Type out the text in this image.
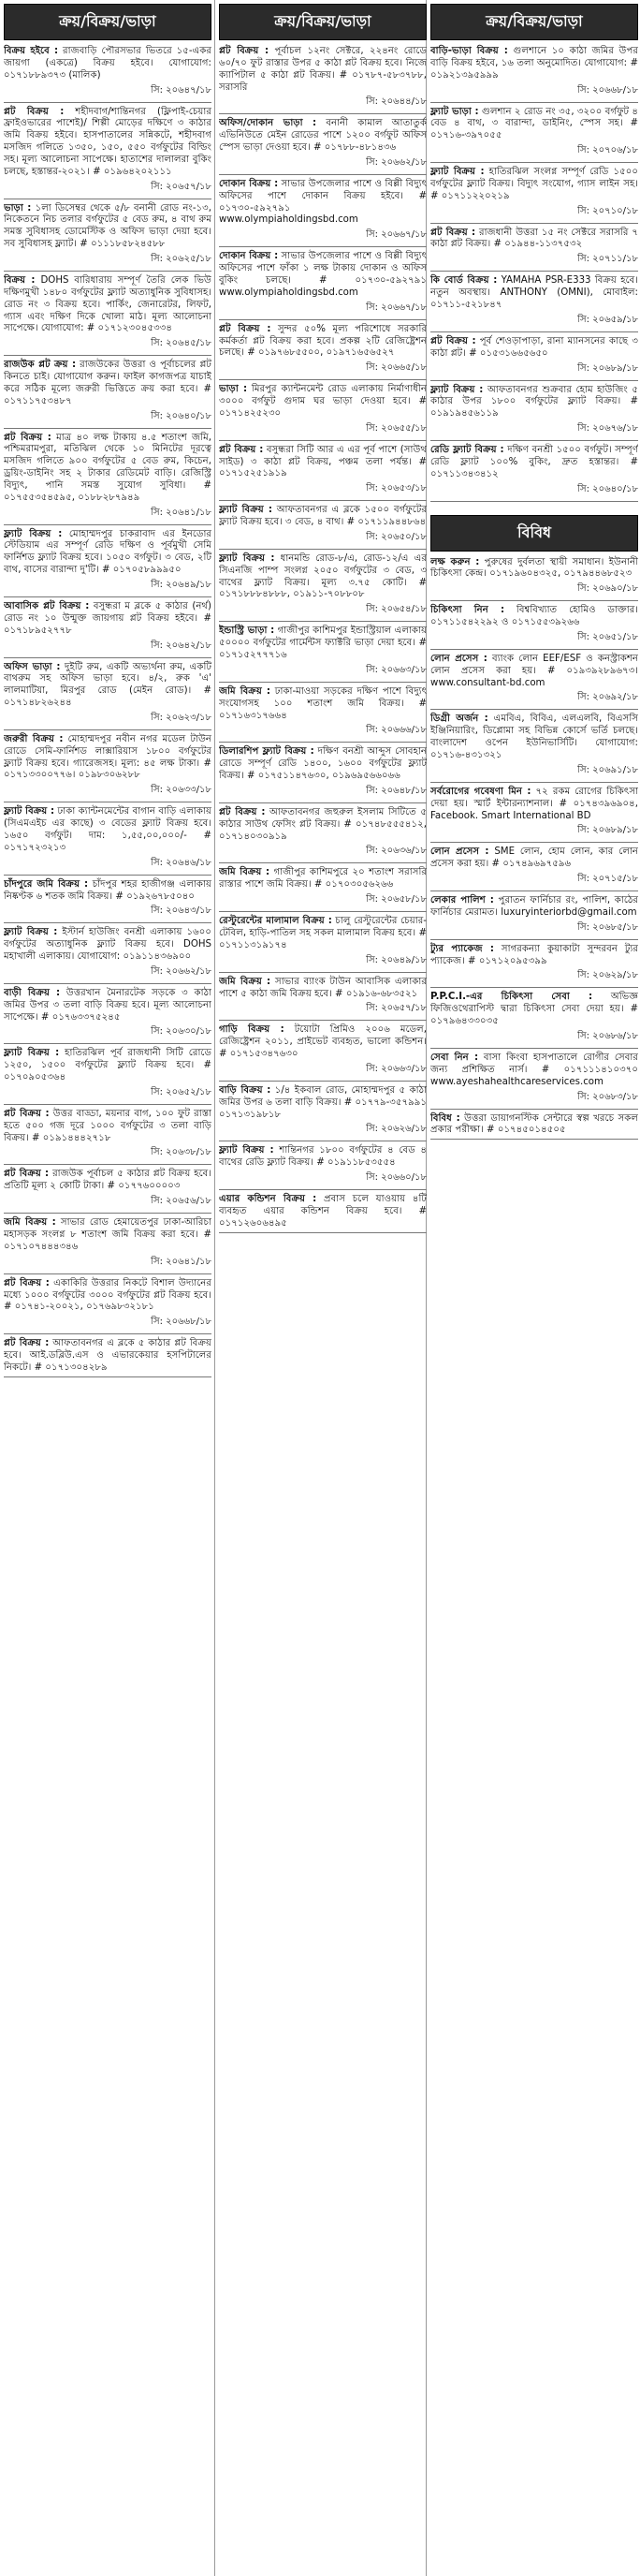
ক্রয়/বিক্রয়/ভাড়া

বিক্রয় হইবে : রাজবাড়ি পৌরসভার ভিতরে ১৫-একর জায়গা (একত্রে) বিক্রয় হইবে। যোগাযোগ: ০১৭১৮৮৯৩৭৩ (মালিক)

সি: ২০৬৪৭/১৮

প্লট বিক্রয় : শহীদবাগ/শান্তিনগর (ফ্লিপাই-চেয়ার ফ্রাইওভারের পাশেই)/ শিল্পী মোড়ের দক্ষিণে ৩ কাঠার জমি বিক্রয় হইবে। হাসপাতালের সন্নিকটে, শহীদবাগ মসজিদ গলিতে ১৩৫০, ১৫০, ৫৫০ বর্গফুটের বিল্ডিং সহ। মূল্য আলোচনা সাপেক্ষে। হাতাশের দালালরা বুকিং চলছে, হস্তান্তর-২০২১। # ০১৯৬৪২০২১১১

সি: ২০৬৫৭/১৮

ভাড়া : ১লা ডিসেম্বর থেকে ৫/৮ বনানী রোড নং-১৩, নিকেতনে নিচ তলার বর্গফুটের ৫ বেড রুম, ৪ বাথ রুম সমস্ত সুবিধাসহ ডোমেস্টিক ও অফিস ভাড়া দেয়া হবে। সব সুবিধাসহ ফ্ল্যাট। # ০১১১৮৫৮২৪৫৮৮

সি: ২০৬২৫/১৮

বিক্রয় : DOHS বারিধারায় সম্পূর্ণ তৈরি লেক ভিউ দক্ষিণমুখী ১৪৮০ বর্গফুটের ফ্ল্যাট অত্যাধুনিক সুবিধাসহ। রোড নং ৩ বিক্রয় হবে। পার্কিং, জেনারেটর, লিফট, গ্যাস এবং দক্ষিণ দিকে খোলা মাঠ। মূল্য আলোচনা সাপেক্ষে। যোগাযোগ: # ০১৭১২৩০৪৫৩৩৪

সি: ২০৬৪৫/১৮

রাজউক প্লট ক্রয় : রাজউকের উত্তরা ও পূর্বাচলের প্লট কিনতে চাই। যোগাযোগ করুন। ফাইল কাগজপত্র যাচাই করে সঠিক মূল্যে জরুরী ভিত্তিতে ক্রয় করা হবে। # ০১৭১১৭৫৩৪৮৭

সি: ২০৬৪০/১৮

প্লট বিক্রয় : মাত্র ৪০ লক্ষ টাকায় ৪.৫ শতাংশ জমি, পশ্চিমরামপুরা, মতিঝিল থেকে ১০ মিনিটের দূরত্বে মসজিদ গলিতে ৯০০ বর্গফুটের ৫ বেড রুম, কিচেন, ড্রয়িং-ডাইনিং সহ ২ টাকার রেডিমেট বাড়ি। রেজিস্ট্রি বিদ্যুৎ, পানি সমস্ত সুযোগ সুবিধা। # ০১৭৫৫৩৫৪৫৯৫, ০১৮৮২৮৭৯৪৯

সি: ২০৬৪১/১৮

ফ্ল্যাট বিক্রয় : মোহাম্মদপুর চাকরাবাদ এর ইনডোর স্টেডিয়াম এর সম্পূর্ণ রেডি দক্ষিণ ও পূর্বমুখী সেমি ফার্নিশড ফ্ল্যাট বিক্রয় হবে। ১০৫০ বর্গফুট। ৩ বেড, ২টি বাথ, বাসের বারান্দা দু'টি। # ০১৭০৫৮৯৯৯৫০

সি: ২০৬৪৯/১৮

আবাসিক প্লট বিক্রয় : বসুন্ধরা ম ব্লকে ৫ কাঠার (নর্থ) রোড নং ১০ উন্মুক্ত জায়গায় প্লট বিক্রয় হইবে। # ০১৭১৮৯৫২৭৭৮

সি: ২০৬৪২/১৮

অফিস ভাড়া : দুইটি রুম, একটি অভ্যর্থনা রুম, একটি বাথরুম সহ অফিস ভাড়া হবে। ৪/২, রুক 'এ' লালমাটিয়া, মিরপুর রোড (মেইন রোড)। # ০১৭১৪৮২৬২৪৪

সি: ২০৬২৩/১৮

জরুরী বিক্রয় : মোহাম্মদপুর নবীন নগর মডেল টাউন রোডে সেমি-ফার্নিশড লাক্সারিয়াস ১৮০০ বর্গফুটের ফ্ল্যাট বিক্রয় হবে। গ্যারেজসহ। মূল্য: ৪৫ লক্ষ টাকা। # ০১৭১৩৩০০৭৭৬। ০১৯৮৩০৬২৮৮

সি: ২০৬৩৩/১৮

ফ্ল্যাট বিক্রয় : ঢাকা ক্যান্টনমেন্টের বাগান বাড়ি এলাকায় (সিএমএইচ এর কাছে) ৩ বেডের ফ্ল্যাট বিক্রয় হবে। ১৬৫০ বর্গফুট। দাম: ১,৫৫,০০,০০০/- # ০১৭১৭২৩২১৩

সি: ২০৬৪৬/১৮

চাঁদপুরে জমি বিক্রয় : চাঁদপুর শহর হাজীগঞ্জ এলাকায় নিষ্কণ্টক ৬ শতক জমি বিক্রয়। # ০১৯২৬৭৮৫০৪০

সি: ২০৬৪৩/১৮

ফ্ল্যাট বিক্রয় : ইস্টার্ন হাউজিং বনশ্রী এলাকায় ১৬০০ বর্গফুটের অত্যাধুনিক ফ্ল্যাট বিক্রয় হবে। DOHS মহাখালী এলাকায়। যোগাযোগ: ০১৯১১৪৩৬৯০০

সি: ২০৬৬২/১৮

বাড়ী বিক্রয় : উত্তরখান মৈনারটেক সড়কে ৩ কাঠা জমির উপর ৩ তলা বাড়ি বিক্রয় হবে। মূল্য আলোচনা সাপেক্ষে। # ০১৭৬৩৩৭৫২৪৫

সি: ২০৬৩০/১৮

ফ্ল্যাট বিক্রয় : হাতিরঝিল পূর্ব রাজধানী সিটি রোডে ১২৫০, ১৫০০ বর্গফুটের ফ্ল্যাট বিক্রয় হবে। # ০১৭০৯০৫৩৬৪

সি: ২০৬৫২/১৮

প্লট বিক্রয় : উত্তর বাড্ডা, ময়নার বাগ, ১০০ ফুট রাস্তা হতে ৫০০ গজ দূরে ১০০০ বর্গফুটের ৩ তলা বাড়ি বিক্রয়। # ০১৯১৪৪৪২৭১৮

সি: ২০৬৩৮/১৮

প্লট বিক্রয় : রাজউক পূর্বাচল ৫ কাঠার প্লট বিক্রয় হবে। প্রতিটি মূল্য ২ কোটি টাকা। # ০১৭৭৬০০০০৩

সি: ২০৬৫৬/১৮

জমি বিক্রয় : সাভার রোড হেমায়েতপুর ঢাকা-আরিচা মহাসড়ক সংলগ্ন ৮ শতাংশ জমি বিক্রয় করা হবে। # ০১৭১০৭৪৪৪৩৪৬

সি: ২০৬৪১/১৮

প্লট বিক্রয় : একাকিরি উত্তরার নিকটে বিশাল উদ্যানের মধ্যে ১০০০ বর্গফুটের ৩০০০ বর্গফুটের প্লট বিক্রয় হবে। # ০১৭৪১-২০০২১, ০১৭৬৯৮৩২১৮১

সি: ২০৬৬৮/১৮

প্লট বিক্রয় : আফতাবনগর এ ব্লকে ৫ কাঠার প্লট বিক্রয় হবে। আই.ডব্লিউ.এস ও এভারকেয়ার হসপিটালের নিকটে। # ০১৭১৩০৪২৮৯

ক্রয়/বিক্রয়/ভাড়া

প্লট বিক্রয় : পূর্বাচল ১২নং সেক্টরে, ২২৪নং রোডে ৬০/৭০ ফুট রাস্তার উপর ৫ কাঠা প্লট বিক্রয় হবে। নিজে ক্যাপিটাল ৫ কাঠা প্লট বিক্রয়। # ০১৭৮৭-৫৮৩৭৮৮, সরাসরি

সি: ২০৬৪৪/১৮

অফিস/দোকান ভাড়া : বনানী কামাল আতাতুর্ক এভিনিউতে মেইন রোডের পাশে ১২০০ বর্গফুট অফিস স্পেস ভাড়া দেওয়া হবে। # ০১৭৮৮-৪৮১৪৩৬

সি: ২০৬৬২/১৮

দোকান বিক্রয় : সাভার উপজেলার পাশে ও বিল্লী বিদ্যুৎ অফিসের পাশে দোকান বিক্রয় হইবে। # ০১৭৩০-৫৯২৭৯১ www.olympiaholdingsbd.com

সি: ২০৬৬৭/১৮

দোকান বিক্রয় : সাভার উপজেলার পাশে ও বিল্লী বিদ্যুৎ অফিসের পাশে ফাঁকা ১ লক্ষ টাকায় দোকান ও অফিস বুকিং চলছে। # ০১৭৩০-৫৯২৭৯১ www.olympiaholdingsbd.com

সি: ২০৬৬৭/১৮

প্লট বিক্রয় : সুন্দর ৫০% মূল্য পরিশোধে সরকারি কর্মকর্তা প্লট বিক্রয় করা হবে। প্রকল্প ২টি রেজিষ্ট্রেশন চলছে। # ০১৯৭৬৮৫৫০০, ০১৯৭১৬৫৬৫২৭

সি: ২০৬৬৫/১৮

ভাড়া : মিরপুর ক্যান্টনমেন্ট রোড এলাকায় নির্মাণাধীন ৩০০০ বর্গফুট গুদাম ঘর ভাড়া দেওয়া হবে। # ০১৭১৪২৫২৩০

সি: ২০৬৫৫/১৮

প্লট বিক্রয় : বসুন্ধরা সিটি আর এ এর পূর্ব পাশে (সাউথ সাইড) ৩ কাঠা প্লট বিক্রয়, পঞ্চম তলা পর্যন্ত। # ০১৭১৫২৫১৯১৯

সি: ২০৬৫৩/১৮

ফ্ল্যাট বিক্রয় : আফতাবনগর এ ব্লকে ১৫০০ বর্গফুটের ফ্ল্যাট বিক্রয় হবে। ৩ বেড, ৪ বাথ। # ০১৭১১৯৪৪৮৬৪

সি: ২০৬৫০/১৮

ফ্ল্যাট বিক্রয় : ধানমন্ডি রোড-৮/এ, রোড-১২/এ এর সিএনজি পাম্প সংলগ্ন ২০৫০ বর্গফুটের ৩ বেড, ৩ বাথের ফ্ল্যাট বিক্রয়। মূল্য ৩.৭৫ কোটি। # ০১৭১৮৮৮৪৮৮৮, ০১৯১১-৭০৮৮০৮

সি: ২০৬৫৪/১৮

ইন্ডাস্ট্রি ভাড়া : গাজীপুর কাশিমপুর ইন্ডাস্ট্রিয়াল এলাকায় ৫০০০০ বর্গফুটের গার্মেন্টস ফ্যাক্টরি ভাড়া দেয়া হবে। # ০১৭১৫২৭৭৭১৬

সি: ২০৬৬৩/১৮

জমি বিক্রয় : ঢাকা-মাওয়া সড়কের দক্ষিণ পাশে বিদ্যুৎ সংযোগসহ ১০০ শতাংশ জমি বিক্রয়। # ০১৭১৬৩১৭৬৬৪

সি: ২০৬৬৬/১৮

ডিলারশিপ ফ্ল্যাট বিক্রয় : দক্ষিণ বনশ্রী আব্দুস সোবহান রোডে সম্পূর্ণ রেডি ১৪০০, ১৬০০ বর্গফুটের ফ্ল্যাট বিক্রয়। # ০১৭৫১১৪৭৬৩০, ০১৯৬৯৫৬৬০৬৬

সি: ২০৬৪৮/১৮

প্লট বিক্রয় : আফতাবনগর জহুরুল ইসলাম সিটিতে ৫ কাঠার সাউথ ফেসিং প্লট বিক্রয়। # ০১৭৪৮৫৫৫৪১২, ০১৭১৪০৩০৯১৯

সি: ২০৬৩৬/১৮

জমি বিক্রয় : গাজীপুর কাশিমপুরে ২০ শতাংশ সরাসরি রাস্তার পাশে জমি বিক্রয়। # ০১৭০৩০৫৬২৬৬

সি: ২০৬৫৮/১৮

রেস্টুরেন্টের মালামাল বিক্রয় : চালু রেস্টুরেন্টের চেয়ার-টেবিল, হাড়ি-পাতিল সহ সকল মালামাল বিক্রয় হবে। # ০১৭১১৩১৯১৭৪

সি: ২০৬৪৯/১৮

জমি বিক্রয় : সাভার ব্যাংক টাউন আবাসিক এলাকার পাশে ৫ কাঠা জমি বিক্রয় হবে। # ০১৯১৬-৬৮৩৫২১

সি: ২০৬৫৭/১৮

গাড়ি বিক্রয় : টয়োটা প্রিমিও ২০০৬ মডেল, রেজিষ্ট্রেশন ২০১১, প্রাইভেট ব্যবহৃত, ভালো কন্ডিশন। # ০১৭১৫৩৪৭৬৩০

সি: ২০৬৬৩/১৮

বাড়ি বিক্রয় : ১/৪ ইকবাল রোড, মোহাম্মদপুর ৫ কাঠা জমির উপর ৬ তলা বাড়ি বিক্রয়। # ০১৭৭৯-৩৫৭৯৯১ ০১৭১৩১৯৮১৮

সি: ২০৬২৬/১৮

ফ্ল্যাট বিক্রয় : শান্তিনগর ১৮০০ বর্গফুটের ৪ বেড ৪ বাথের রেডি ফ্ল্যাট বিক্রয়। # ০১৯১১৮৫৩৫৫৪

সি: ২০৬৬০/১৮

এয়ার কন্ডিশন বিক্রয় : প্রবাস চলে যাওয়ায় ৪টি ব্যবহৃত এয়ার কন্ডিশন বিক্রয় হবে। # ০১৭১২৬০৬৪৯৫

ক্রয়/বিক্রয়/ভাড়া

বাড়ি-ভাড়া বিক্রয় : গুলশানে ১০ কাঠা জমির উপর বাড়ি বিক্রয় হইবে, ১৬ তলা অনুমোদিত। যোগাযোগ: # ০১৯২১৩৯৫৯৯৯

সি: ২০৬৬৮/১৮

ফ্ল্যাট ভাড়া : গুলশান ২ রোড নং ৩৫, ৩২০০ বর্গফুট ৪ বেড ৪ বাথ, ৩ বারান্দা, ডাইনিং, স্পেস সহ। # ০১৭১৬-৩৯৭০৫৫

সি: ২০৭০৬/১৮

ফ্ল্যাট বিক্রয় : হাতিরঝিল সংলগ্ন সম্পূর্ণ রেডি ১৫০০ বর্গফুটের ফ্ল্যাট বিক্রয়। বিদ্যুৎ সংযোগ, গ্যাস লাইন সহ। # ০১৭১১২২০২১৯

সি: ২০৭১০/১৮

প্লট বিক্রয় : রাজধানী উত্তরা ১৫ নং সেক্টরে সরাসরি ৭ কাঠা প্লট বিক্রয়। # ০১৯৪৪-১১৩৭৫৩২

সি: ২০৭১১/১৮

কি বোর্ড বিক্রয় : YAMAHA PSR-E333 বিক্রয় হবে। নতুন অবস্থায়। ANTHONY (OMNI), মোবাইল: ০১৭১১-৫২১৮৪৭

সি: ২০৬৫৯/১৮

প্লট বিক্রয় : পূর্ব শেওড়াপাড়া, রানা ম্যানসনের কাছে ৩ কাঠা প্লট। # ০১৫৩১৬৬৫৬৫০

সি: ২০৬৮৯/১৮

ফ্ল্যাট বিক্রয় : আফতাবনগর শুক্রবার হোম হাউজিং ৫ কাঠার উপর ১৮০০ বর্গফুটের ফ্ল্যাট বিক্রয়। # ০১৯১৯৪৫৬১১৯

সি: ২০৬৭৬/১৮

রেডি ফ্ল্যাট বিক্রয় : দক্ষিণ বনশ্রী ১৫০০ বর্গফুট। সম্পূর্ণ রেডি ফ্ল্যাট ১০০% বুকিং, দ্রুত হস্তান্তর। # ০১৭১১৩৪৩৪১২

সি: ২০৬৪০/১৮
বিবিধ

লক্ষ করুন : পুরুষের দুর্বলতা স্থায়ী সমাধান। ইউনানী চিকিৎসা কেন্দ্র। ০১৭১৯৬০৪৩২৫, ০১৭৯৪৪৬৮৫২৩

সি: ২০৬৯০/১৮

চিকিৎসা নিন : বিশ্ববিখ্যাত হোমিও ডাক্তার। ০১৭১১৫৪২২৯২ ও ০১৭১৫৫৩৯২৬৬

সি: ২০৬৫১/১৮

লোন প্রসেস : ব্যাংক লোন EEF/ESF ও কনস্ট্রাকশন লোন প্রসেস করা হয়। # ০১৯৩৯২৮৯৬৭৩। www.consultant-bd.com

সি: ২০৬৯২/১৮

ডিগ্রী অর্জন : এমবিএ, বিবিএ, এলএলবি, বিএসসি ইঞ্জিনিয়ারিং, ডিপ্লোমা সহ বিভিন্ন কোর্সে ভর্তি চলছে। বাংলাদেশ ওপেন ইউনিভার্সিটি। যোগাযোগ: ০১৭১৬-৪৩১৩২১

সি: ২০৬৯১/১৮

সর্বরোগের গবেষণা মিন : ৭২ রকম রোগের চিকিৎসা দেয়া হয়। স্মার্ট ইন্টারন্যাশনাল। # ০১৭৪৩৯৬৯০৪, Facebook. Smart International BD

সি: ২০৬৮৯/১৮

লোন প্রসেস : SME লোন, হোম লোন, কার লোন প্রসেস করা হয়। # ০১৭৪৯৬৯৭৫৯৬

সি: ২০৭১৫/১৮

লেকার পালিশ : পুরাতন ফার্নিচার রং, পালিশ, কাঠের ফার্নিচার মেরামত। luxuryinteriorbd@gmail.com

সি: ২০৬৮৫/১৮

ট্যুর প্যাকেজ : সাগরকন্যা কুয়াকাটা সুন্দরবন ট্যুর প্যাকেজ। # ০১৭১২০৯৫৩৯৯

সি: ২০৬২৯/১৮

P.P.C.I.-এর চিকিৎসা সেবা : অভিজ্ঞ ফিজিওথেরাপিস্ট দ্বারা চিকিৎসা সেবা দেয়া হয়। # ০১৭৯৬৪৩৩০৩৫

সি: ২০৬৮৬/১৮

সেবা নিন : বাসা কিংবা হাসপাতালে রোগীর সেবার জন্য প্রশিক্ষিত নার্স। # ০১৭১১১৪১০৩৭০ www.ayeshahealthcareservices.com

সি: ২০৬৮৩/১৮

বিবিধ : উত্তরা ডায়াগনস্টিক সেন্টারে স্বল্প খরচে সকল প্রকার পরীক্ষা। # ০১৭৪৫০১৪৫০৫
